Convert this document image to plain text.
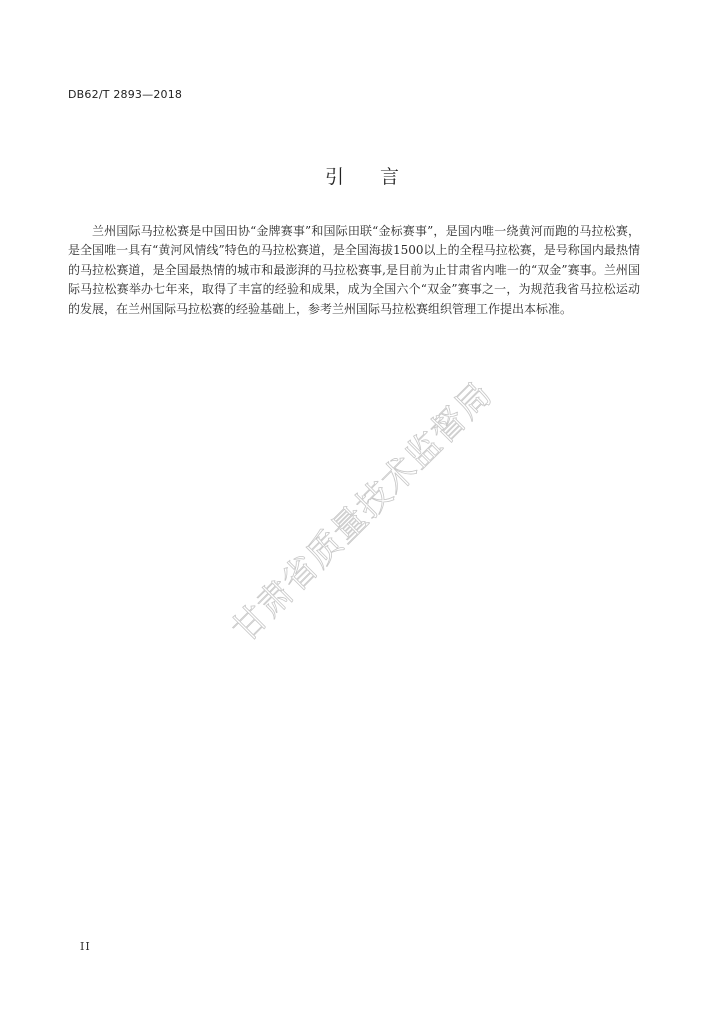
DB62/T 2893—2018
引 言

兰州国际马拉松赛是中国田协“金牌赛事”和国际田联“金标赛事”，是国内唯一绕黄河而跑的马拉松赛，是全国唯一具有“黄河风情线”特色的马拉松赛道，是全国海拔1500以上的全程马拉松赛，是号称国内最热情的马拉松赛道，是全国最热情的城市和最澎湃的马拉松赛事,是目前为止甘肃省内唯一的“双金”赛事。兰州国际马拉松赛举办七年来，取得了丰富的经验和成果，成为全国六个“双金”赛事之一，为规范我省马拉松运动的发展，在兰州国际马拉松赛的经验基础上，参考兰州国际马拉松赛组织管理工作提出本标准。

甘肃省质量技术监督局
II
